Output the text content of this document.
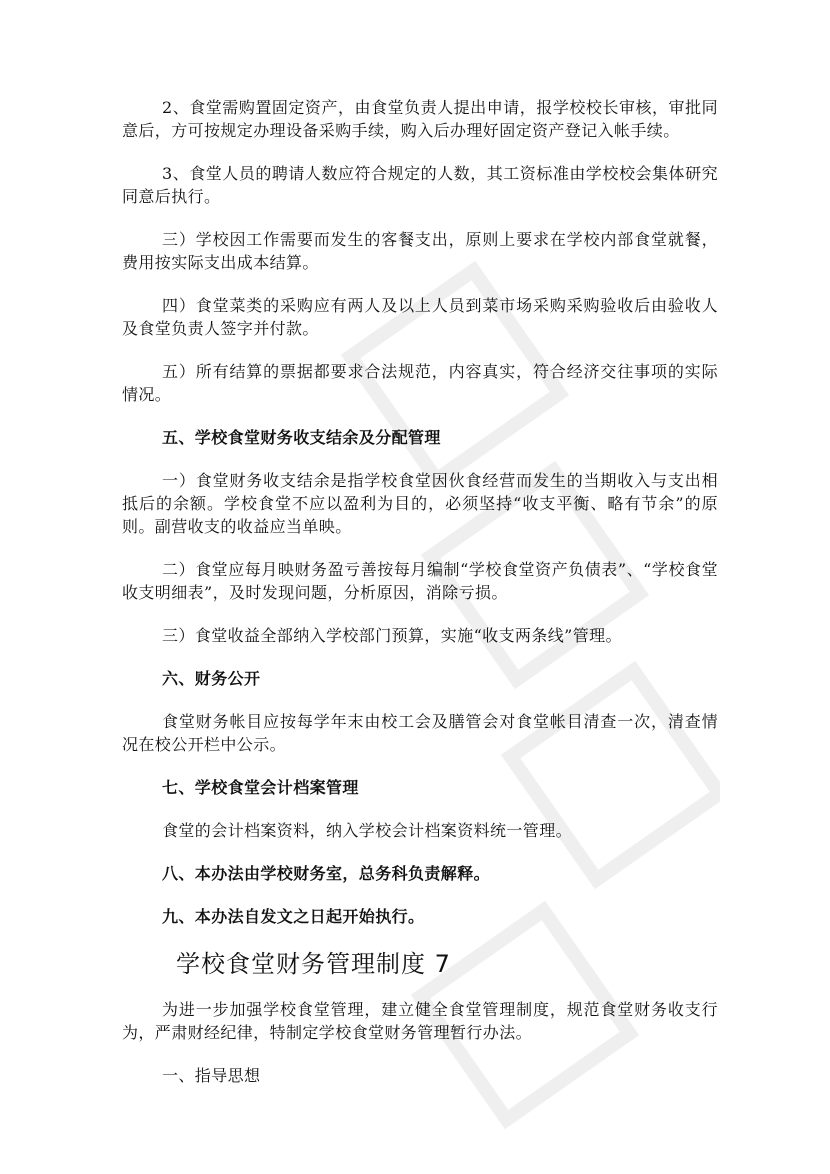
2、食堂需购置固定资产，由食堂负责人提出申请，报学校校长审核，审批同意后，方可按规定办理设备采购手续，购入后办理好固定资产登记入帐手续。

3、食堂人员的聘请人数应符合规定的人数，其工资标准由学校校会集体研究同意后执行。

三）学校因工作需要而发生的客餐支出，原则上要求在学校内部食堂就餐，费用按实际支出成本结算。

四）食堂菜类的采购应有两人及以上人员到菜市场采购采购验收后由验收人及食堂负责人签字并付款。

五）所有结算的票据都要求合法规范，内容真实，符合经济交往事项的实际情况。

五、学校食堂财务收支结余及分配管理

一）食堂财务收支结余是指学校食堂因伙食经营而发生的当期收入与支出相抵后的余额。学校食堂不应以盈利为目的，必须坚持“收支平衡、略有节余”的原则。副营收支的收益应当单映。

二）食堂应每月映财务盈亏善按每月编制“学校食堂资产负债表”、“学校食堂收支明细表”，及时发现问题，分析原因，消除亏损。

三）食堂收益全部纳入学校部门预算，实施“收支两条线”管理。

六、财务公开

食堂财务帐目应按每学年末由校工会及膳管会对食堂帐目清查一次，清查情况在校公开栏中公示。

七、学校食堂会计档案管理

食堂的会计档案资料，纳入学校会计档案资料统一管理。

八、本办法由学校财务室，总务科负责解释。

九、本办法自发文之日起开始执行。

学校食堂财务管理制度 7

为进一步加强学校食堂管理，建立健全食堂管理制度，规范食堂财务收支行为，严肃财经纪律，特制定学校食堂财务管理暂行办法。

一、指导思想
